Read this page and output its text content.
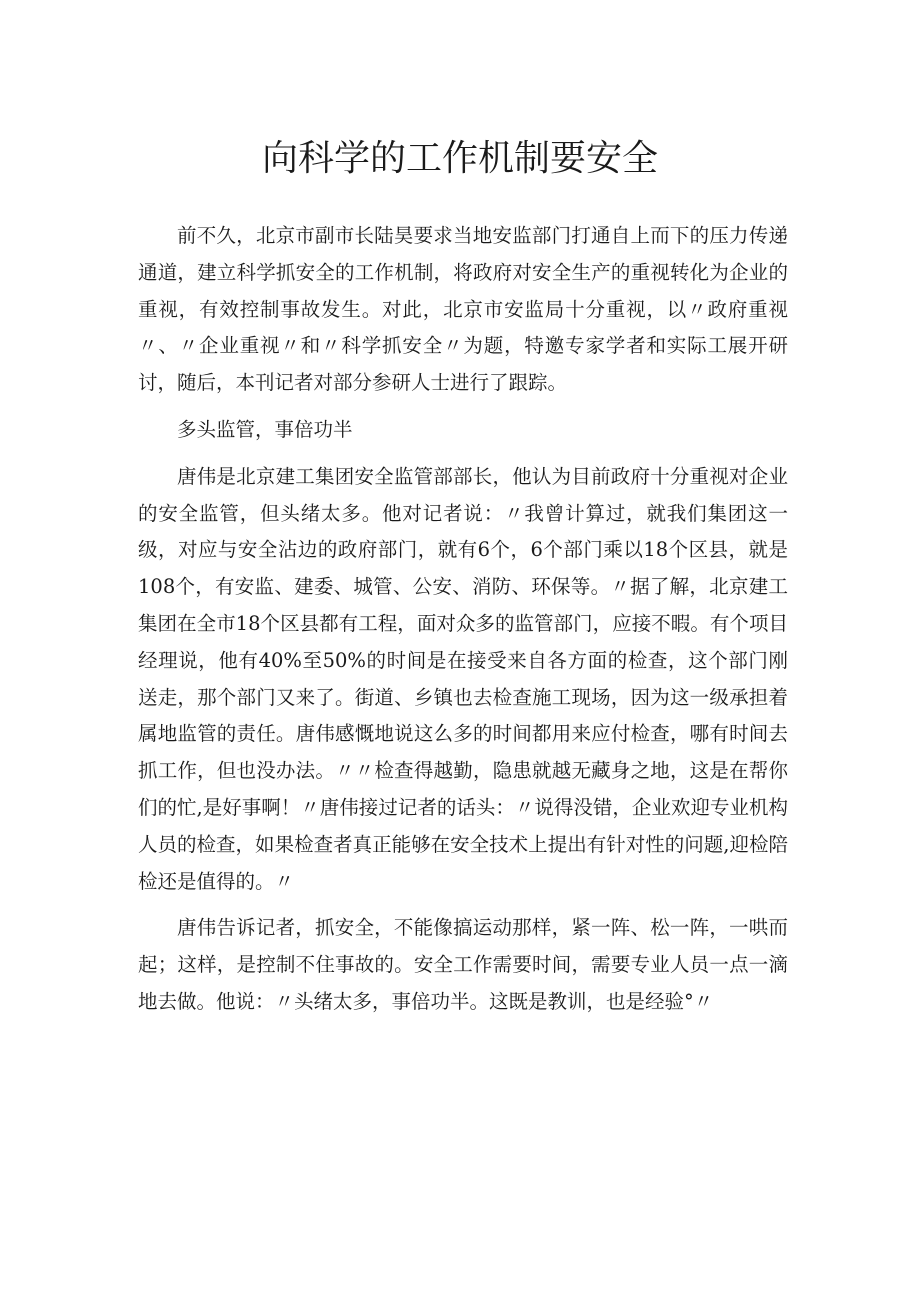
向科学的工作机制要安全

前不久，北京市副市长陆昊要求当地安监部门打通自上而下的压力传递通道，建立科学抓安全的工作机制，将政府对安全生产的重视转化为企业的重视，有效控制事故发生。对此，北京市安监局十分重视，以〃政府重视〃、〃企业重视〃和〃科学抓安全〃为题，特邀专家学者和实际工展开研讨，随后，本刊记者对部分参研人士进行了跟踪。

多头监管，事倍功半

唐伟是北京建工集团安全监管部部长，他认为目前政府十分重视对企业的安全监管，但头绪太多。他对记者说：〃我曾计算过，就我们集团这一级，对应与安全沾边的政府部门，就有6个，6个部门乘以18个区县，就是108个，有安监、建委、城管、公安、消防、环保等。〃据了解，北京建工集团在全市18个区县都有工程，面对众多的监管部门，应接不暇。有个项目经理说，他有40%至50%的时间是在接受来自各方面的检查，这个部门刚送走，那个部门又来了。街道、乡镇也去检查施工现场，因为这一级承担着属地监管的责任。唐伟感慨地说这么多的时间都用来应付检查，哪有时间去抓工作，但也没办法。〃〃检查得越勤，隐患就越无藏身之地，这是在帮你们的忙,是好事啊！〃唐伟接过记者的话头：〃说得没错，企业欢迎专业机构人员的检查，如果检查者真正能够在安全技术上提出有针对性的问题,迎检陪检还是值得的。〃

唐伟告诉记者，抓安全，不能像搞运动那样，紧一阵、松一阵，一哄而起；这样，是控制不住事故的。安全工作需要时间，需要专业人员一点一滴地去做。他说：〃头绪太多，事倍功半。这既是教训，也是经验°〃
